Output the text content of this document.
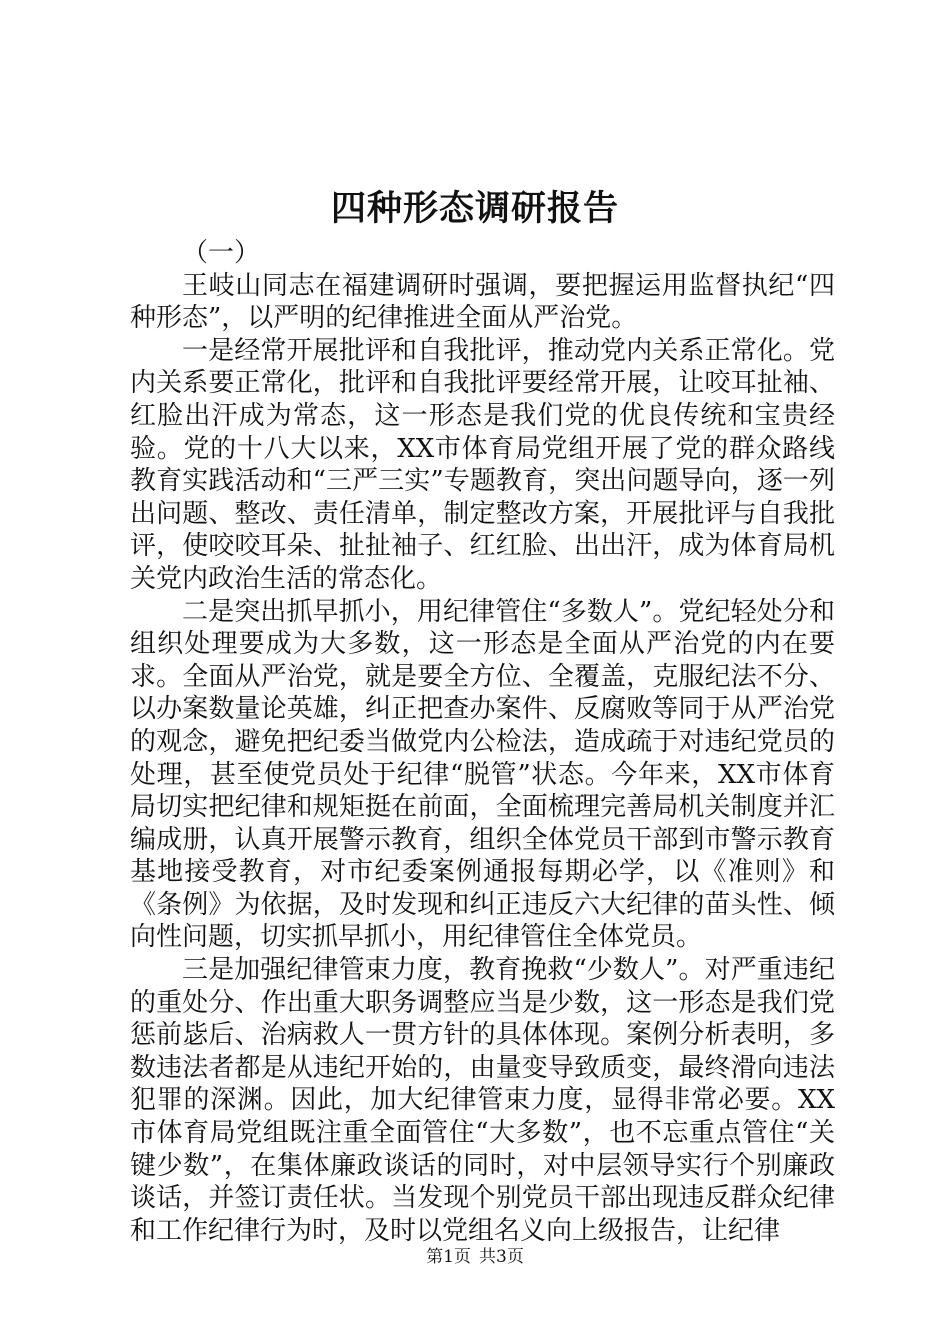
四种形态调研报告

（一）

王岐山同志在福建调研时强调，要把握运用监督执纪“四种形态”，以严明的纪律推进全面从严治党。

一是经常开展批评和自我批评，推动党内关系正常化。党内关系要正常化，批评和自我批评要经常开展，让咬耳扯袖、红脸出汗成为常态，这一形态是我们党的优良传统和宝贵经验。党的十八大以来，XX市体育局党组开展了党的群众路线教育实践活动和“三严三实”专题教育，突出问题导向，逐一列出问题、整改、责任清单，制定整改方案，开展批评与自我批评，使咬咬耳朵、扯扯袖子、红红脸、出出汗，成为体育局机关党内政治生活的常态化。

二是突出抓早抓小，用纪律管住“多数人”。党纪轻处分和组织处理要成为大多数，这一形态是全面从严治党的内在要求。全面从严治党，就是要全方位、全覆盖，克服纪法不分、以办案数量论英雄，纠正把查办案件、反腐败等同于从严治党的观念，避免把纪委当做党内公检法，造成疏于对违纪党员的处理，甚至使党员处于纪律“脱管”状态。今年来，XX市体育局切实把纪律和规矩挺在前面，全面梳理完善局机关制度并汇编成册，认真开展警示教育，组织全体党员干部到市警示教育基地接受教育，对市纪委案例通报每期必学，以《准则》和《条例》为依据，及时发现和纠正违反六大纪律的苗头性、倾向性问题，切实抓早抓小，用纪律管住全体党员。

三是加强纪律管束力度，教育挽救“少数人”。对严重违纪的重处分、作出重大职务调整应当是少数，这一形态是我们党惩前毖后、治病救人一贯方针的具体体现。案例分析表明，多数违法者都是从违纪开始的，由量变导致质变，最终滑向违法犯罪的深渊。因此，加大纪律管束力度，显得非常必要。XX市体育局党组既注重全面管住“大多数”，也不忘重点管住“关键少数”，在集体廉政谈话的同时，对中层领导实行个别廉政谈话，并签订责任状。当发现个别党员干部出现违反群众纪律和工作纪律行为时，及时以党组名义向上级报告，让纪律

第1页 共3页
